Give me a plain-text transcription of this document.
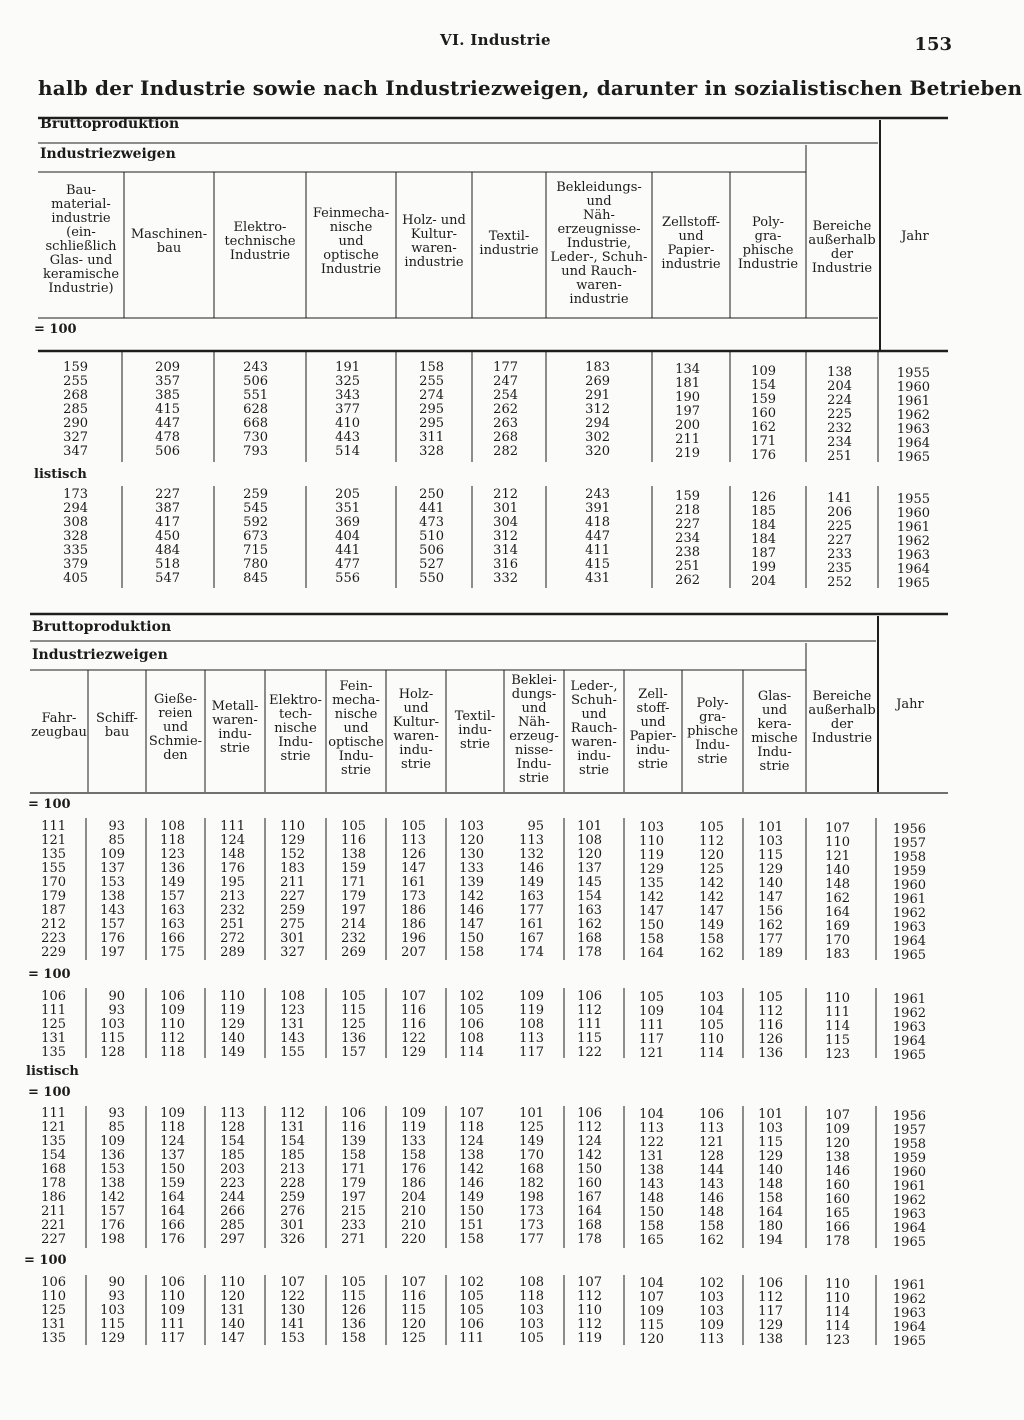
VI. Industrie	153
halb der Industrie sowie nach Industriezweigen, darunter in sozialistischen Betrieben
Bruttoproduktion
Industriezweigen
Bau-
material-
industrie
(ein-
schließlich
Glas- und
keramische
Industrie)
Maschinen-
bau
Elektro-
technische
Industrie
Feinmecha-
nische
und
optische
Industrie
Holz- und
Kultur-
waren-
industrie
Textil-
industrie
Bekleidungs-
und
Näh-
erzeugnisse-
Industrie,
Leder-, Schuh-
und Rauch-
waren-
industrie
Zellstoff-
und
Papier-
industrie
Poly-
gra-
phische
Industrie
Bereiche
außerhalb
der
Industrie
Jahr
= 100
159
255
268
285
290
327
347
209
357
385
415
447
478
506
243
506
551
628
668
730
793
191
325
343
377
410
443
514
158
255
274
295
295
311
328
177
247
254
262
263
268
282
183
269
291
312
294
302
320
134
181
190
197
200
211
219
109
154
159
160
162
171
176
138
204
224
225
232
234
251
1955
1960
1961
1962
1963
1964
1965
listisch
173
294
308
328
335
379
405
227
387
417
450
484
518
547
259
545
592
673
715
780
845
205
351
369
404
441
477
556
250
441
473
510
506
527
550
212
301
304
312
314
316
332
243
391
418
447
411
415
431
159
218
227
234
238
251
262
126
185
184
184
187
199
204
141
206
225
227
233
235
252
1955
1960
1961
1962
1963
1964
1965
Bruttoproduktion
Industriezweigen
Fahr-
zeugbau
Schiff-
bau
Gieße-
reien
und
Schmie-
den
Metall-
waren-
indu-
strie
Elektro-
tech-
nische
Indu-
strie
Fein-
mecha-
nische
und
optische
Indu-
strie
Holz-
und
Kultur-
waren-
indu-
strie
Textil-
indu-
strie
Beklei-
dungs-
und
Näh-
erzeug-
nisse-
Indu-
strie
Leder-,
Schuh-
und
Rauch-
waren-
indu-
strie
Zell-
stoff-
und
Papier-
indu-
strie
Poly-
gra-
phische
Indu-
strie
Glas-
und
kera-
mische
Indu-
strie
Bereiche
außerhalb
der
Industrie
Jahr
= 100
111
121
135
155
170
179
187
212
223
229
93
85
109
137
153
138
143
157
176
197
108
118
123
136
149
157
163
163
166
175
111
124
148
176
195
213
232
251
272
289
110
129
152
183
211
227
259
275
301
327
105
116
138
159
171
179
197
214
232
269
105
113
126
147
161
173
186
186
196
207
103
120
130
133
139
142
146
147
150
158
95
113
132
146
149
163
177
161
167
174
101
108
120
137
145
154
163
162
168
178
103
110
119
129
135
142
147
150
158
164
105
112
120
125
142
142
147
149
158
162
101
103
115
129
140
147
156
162
177
189
107
110
121
140
148
162
164
169
170
183
1956
1957
1958
1959
1960
1961
1962
1963
1964
1965
= 100
106
111
125
131
135
90
93
103
115
128
106
109
110
112
118
110
119
129
140
149
108
123
131
143
155
105
115
125
136
157
107
116
116
122
129
102
105
106
108
114
109
119
108
113
117
106
112
111
115
122
105
109
111
117
121
103
104
105
110
114
105
112
116
126
136
110
111
114
115
123
1961
1962
1963
1964
1965
listisch
= 100
111
121
135
154
168
178
186
211
221
227
93
85
109
136
153
138
142
157
176
198
109
118
124
137
150
159
164
164
166
176
113
128
154
185
203
223
244
266
285
297
112
131
154
185
213
228
259
276
301
326
106
116
139
158
171
179
197
215
233
271
109
119
133
158
176
186
204
210
210
220
107
118
124
138
142
146
149
150
151
158
101
125
149
170
168
182
198
173
173
177
106
112
124
142
150
160
167
164
168
178
104
113
122
131
138
143
148
150
158
165
106
113
121
128
144
143
146
148
158
162
101
103
115
129
140
148
158
164
180
194
107
109
120
138
146
160
160
165
166
178
1956
1957
1958
1959
1960
1961
1962
1963
1964
1965
= 100
106
110
125
131
135
90
93
103
115
129
106
110
109
111
117
110
120
131
140
147
107
122
130
141
153
105
115
126
136
158
107
116
115
120
125
102
105
105
106
111
108
118
103
103
105
107
112
110
112
119
104
107
109
115
120
102
103
103
109
113
106
112
117
129
138
110
110
114
114
123
1961
1962
1963
1964
1965
